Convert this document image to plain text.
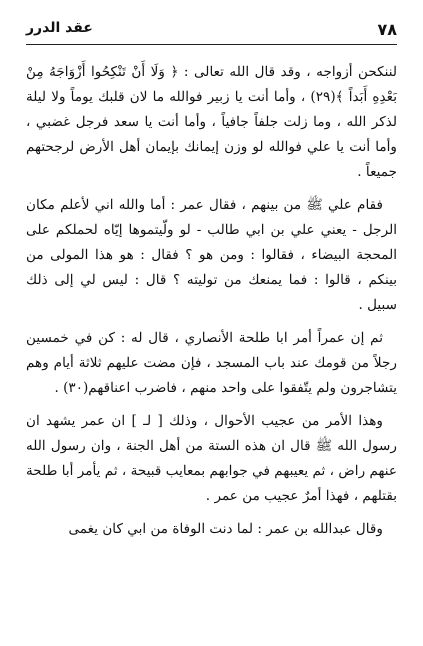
٧٨
عقد الدرر

لننكحن أزواجه ، وقد قال الله تعالى : ﴿ وَلَا أَنْ تَنْكِحُوا أَزْوَاجَهُ مِنْ بَعْدِهِ أَبَداً ﴾(٢٩) ، وأما أنت يا زبير فوالله ما لان قلبك يوماً ولا ليلة لذكر الله ، وما زلت جلفاً جافياً ، وأما أنت يا سعد فرجل غضبي ، وأما أنت يا علي فوالله لو وزن إيمانك بإيمان أهل الأرض لرجحتهم جميعاً .

فقام علي ﷺ من بينهم ، فقال عمر : أما والله اني لأعلم مكان الرجل - يعني علي بن ابي طالب - لو ولّيتموها إيّاه لحملكم على المحجة البيضاء ، فقالوا : ومن هو ؟ فقال : هو هذا المولى من بينكم ، قالوا : فما يمنعك من توليته ؟ قال : ليس لي إلى ذلك سبيل .

ثم إن عمراً أمر ابا طلحة الأنصاري ، قال له : كن في خمسين رجلاً من قومك عند باب المسجد ، فإن مضت عليهم ثلاثة أيام وهم يتشاجرون ولم يتّفقوا على واحد منهم ، فاضرب اعناقهم(٣٠) .

وهذا الأمر من عجيب الأحوال ، وذلك [ لـ ] ان عمر يشهد ان رسول الله ﷺ قال ان هذه الستة من أهل الجنة ، وان رسول الله عنهم راض ، ثم يعيبهم في جوابهم بمعايب قبيحة ، ثم يأمر أبا طلحة بقتلهم ، فهذا أمرٌ عجيب من عمر .

وقال عبدالله بن عمر : لما دنت الوفاة من ابي كان يغمى
